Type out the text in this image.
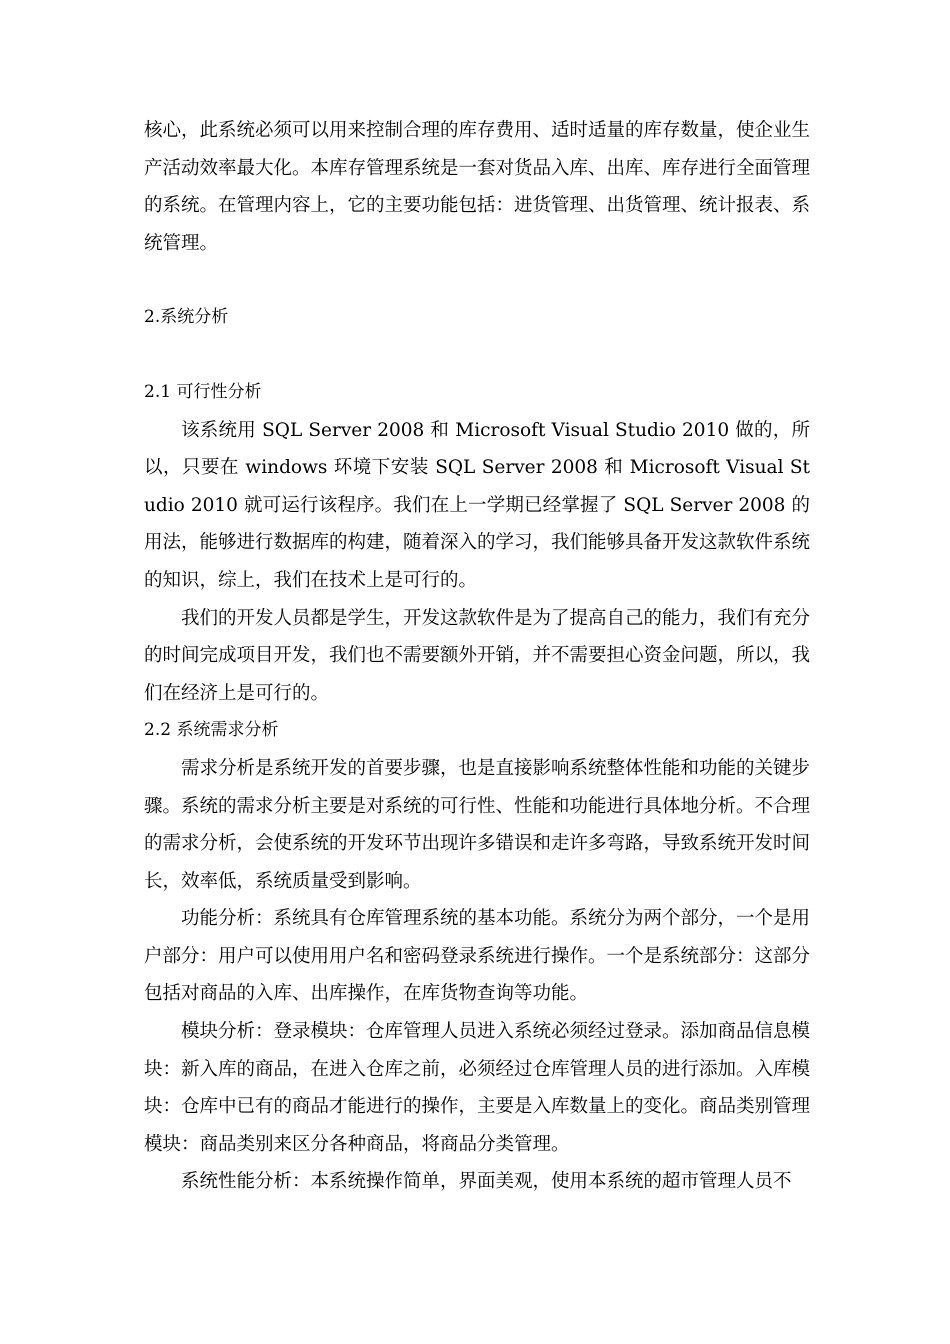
核心，此系统必须可以用来控制合理的库存费用、适时适量的库存数量，使企业生产活动效率最大化。本库存管理系统是一套对货品入库、出库、库存进行全面管理的系统。在管理内容上，它的主要功能包括：进货管理、出货管理、统计报表、系统管理。

2.系统分析

2.1 可行性分析

该系统用 SQL Server 2008 和 Microsoft Visual Studio 2010 做的，所以，只要在 windows 环境下安装 SQL Server 2008 和 Microsoft Visual Studio 2010 就可运行该程序。我们在上一学期已经掌握了 SQL Server 2008 的用法，能够进行数据库的构建，随着深入的学习，我们能够具备开发这款软件系统的知识，综上，我们在技术上是可行的。

我们的开发人员都是学生，开发这款软件是为了提高自己的能力，我们有充分的时间完成项目开发，我们也不需要额外开销，并不需要担心资金问题，所以，我们在经济上是可行的。

2.2 系统需求分析

需求分析是系统开发的首要步骤，也是直接影响系统整体性能和功能的关键步骤。系统的需求分析主要是对系统的可行性、性能和功能进行具体地分析。不合理的需求分析，会使系统的开发环节出现许多错误和走许多弯路，导致系统开发时间长，效率低，系统质量受到影响。

功能分析：系统具有仓库管理系统的基本功能。系统分为两个部分，一个是用户部分：用户可以使用用户名和密码登录系统进行操作。一个是系统部分：这部分包括对商品的入库、出库操作，在库货物查询等功能。

模块分析：登录模块：仓库管理人员进入系统必须经过登录。添加商品信息模块：新入库的商品，在进入仓库之前，必须经过仓库管理人员的进行添加。入库模块：仓库中已有的商品才能进行的操作，主要是入库数量上的变化。商品类别管理模块：商品类别来区分各种商品，将商品分类管理。

系统性能分析：本系统操作简单，界面美观，使用本系统的超市管理人员不
